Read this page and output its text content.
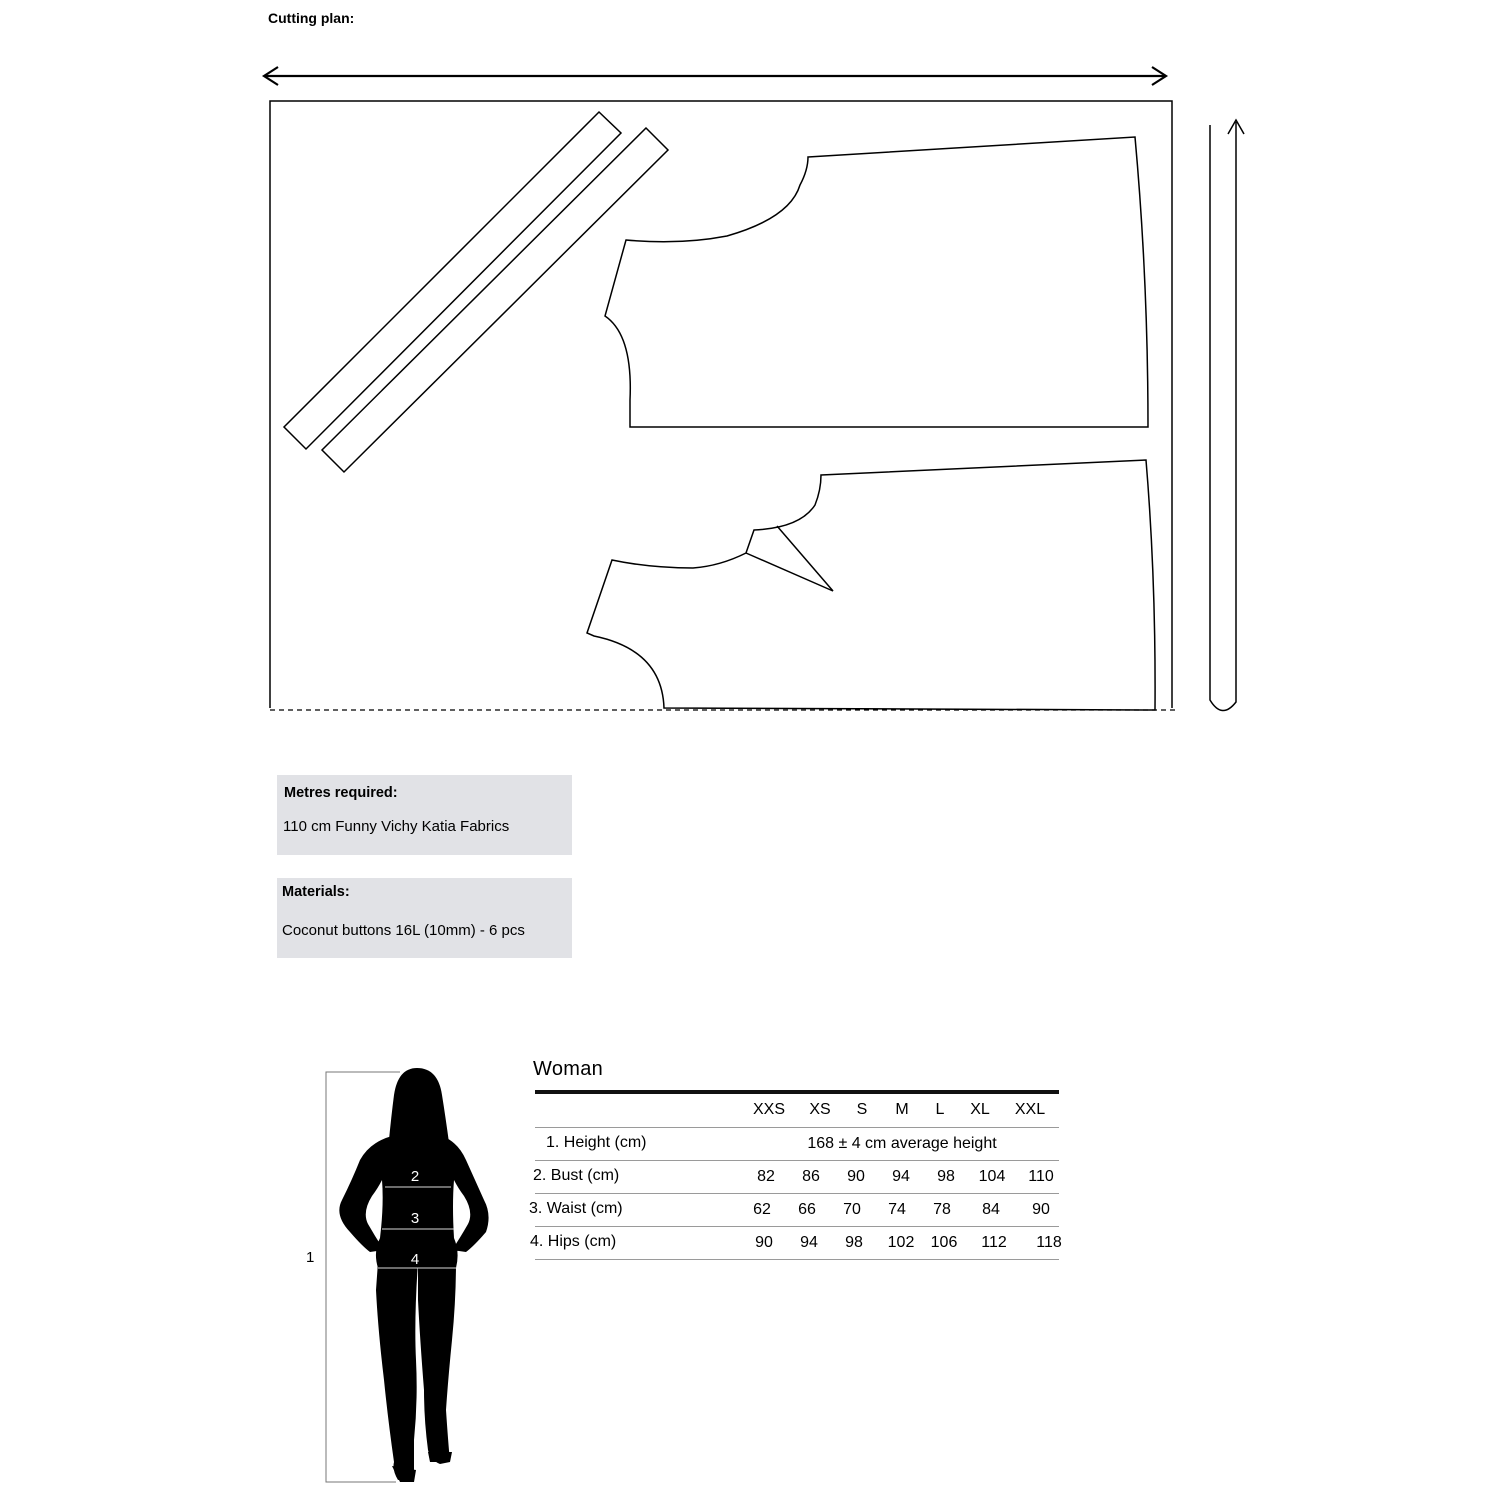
Cutting plan:
Metres required:
110 cm Funny Vichy Katia Fabrics
Materials:
Coconut buttons 16L (10mm) - 6 pcs
1
2
3
4
Woman
XXS XS S M L XL XXL
1. Height (cm)	168 ± 4 cm average height
2. Bust (cm)	82 86 90 94 98 104 110
3. Waist (cm)	62 66 70 74 78 84 90
4. Hips (cm)	90 94 98 102 106 112 118
